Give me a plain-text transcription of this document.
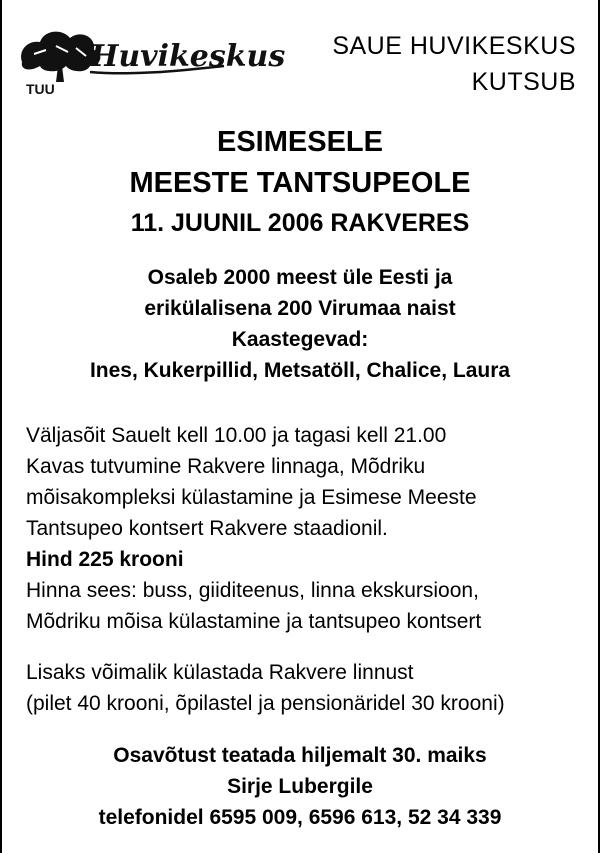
Huvikeskus
TUU
SAUE HUVIKESKUS
KUTSUB
ESIMESELE
MEESTE TANTSUPEOLE
11. JUUNIL 2006 RAKVERES
Osaleb 2000 meest üle Eesti ja
erikülalisena 200 Virumaa naist
Kaastegevad:
Ines, Kukerpillid, Metsatöll, Chalice, Laura
Väljasõit Sauelt kell 10.00 ja tagasi kell 21.00
Kavas tutvumine Rakvere linnaga, Mõdriku
mõisakompleksi külastamine ja Esimese Meeste
Tantsupeo kontsert Rakvere staadionil.
Hind 225 krooni
Hinna sees: buss, giiditeenus, linna ekskursioon,
Mõdriku mõisa külastamine ja tantsupeo kontsert
Lisaks võimalik külastada Rakvere linnust
(pilet 40 krooni, õpilastel ja pensionäridel 30 krooni)
Osavõtust teatada hiljemalt 30. maiks
Sirje Lubergile
telefonidel 6595 009, 6596 613, 52 34 339
